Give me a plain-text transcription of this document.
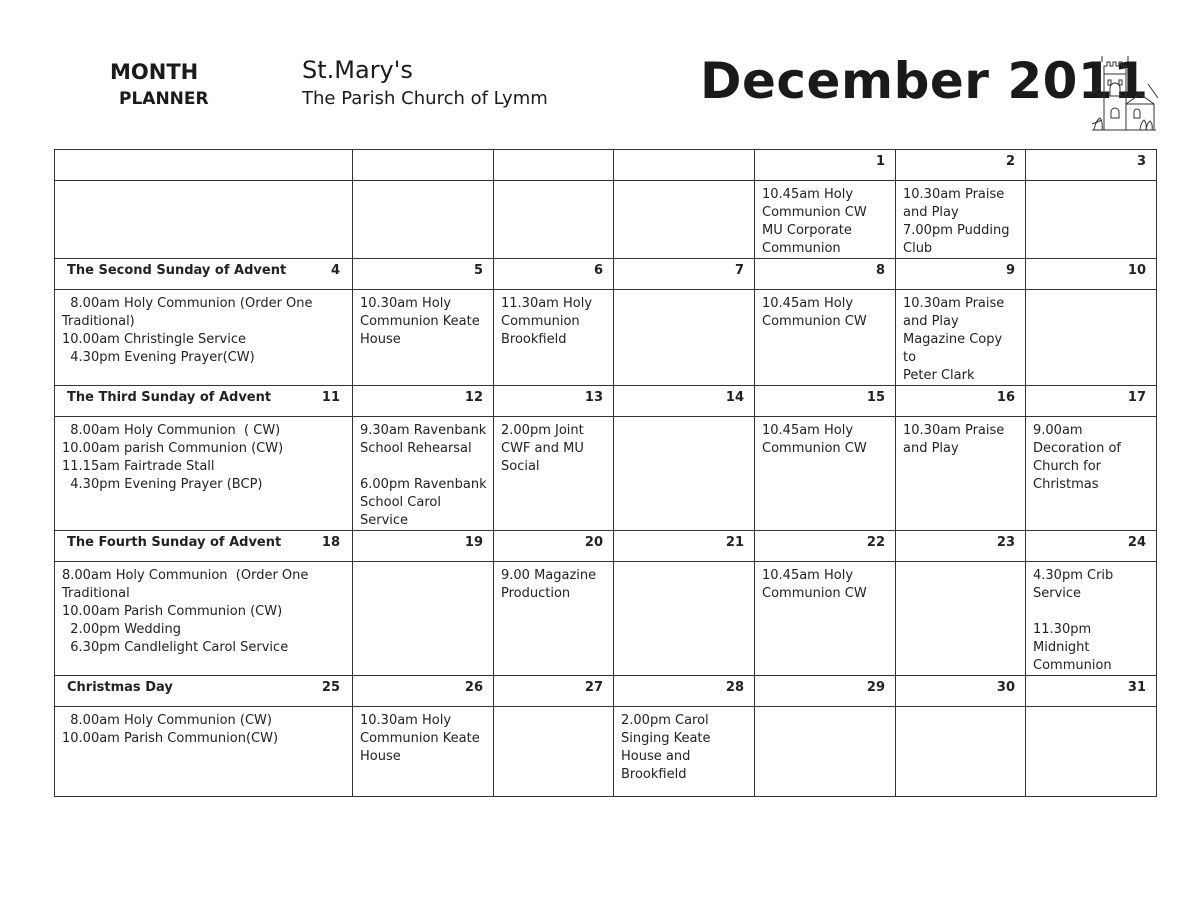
MONTH
PLANNER
St.Mary's
The Parish Church of Lymm	December 2011
				1	2	3

				10.45am Holy
Communion CW
MU Corporate
Communion	10.30am Praise
and Play
7.00pm Pudding
Club	

The Second Sunday of Advent 4	5	6	7	8	9	10

8.00am Holy Communion (Order One
Traditional)
10.00am Christingle Service
4.30pm Evening Prayer(CW)	10.30am Holy
Communion Keate
House	11.30am Holy
Communion
Brookfield		10.45am Holy
Communion CW	10.30am Praise
and Play
Magazine Copy to
Peter Clark	

The Third Sunday of Advent 11	12	13	14	15	16	17

8.00am Holy Communion  ( CW)
10.00am parish Communion (CW)
11.15am Fairtrade Stall
4.30pm Evening Prayer (BCP)	9.30am Ravenbank
School Rehearsal

6.00pm Ravenbank
School Carol
Service	2.00pm Joint
CWF and MU
Social		10.45am Holy
Communion CW	10.30am Praise
and Play	9.00am
Decoration of
Church for
Christmas

The Fourth Sunday of Advent 18	19	20	21	22	23	24

8.00am Holy Communion  (Order One
Traditional
10.00am Parish Communion (CW)
2.00pm Wedding
6.30pm Candlelight Carol Service		9.00 Magazine
Production		10.45am Holy
Communion CW		4.30pm Crib
Service

11.30pm Midnight
Communion

Christmas Day 25	26	27	28	29	30	31

8.00am Holy Communion (CW)
10.00am Parish Communion(CW)	10.30am Holy
Communion Keate
House		2.00pm Carol
Singing Keate
House and
Brookfield			
